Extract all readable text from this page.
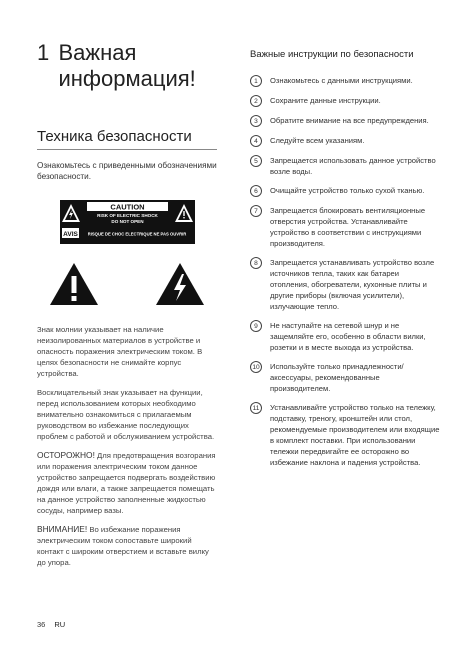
1 Важная информация!
Техника безопасности
Ознакомьтесь с приведенными обозначениями безопасности.
CAUTION
RISK OF ELECTRIC SHOCK
DO NOT OPEN
AVIS RISQUE DE CHOC ELECTRIQUE NE PAS OUVRIR

Знак молнии указывает на наличие неизолированных материалов в устройстве и опасность поражения электрическим током. В целях безопасности не снимайте корпус устройства.

Восклицательный знак указывает на функции, перед использованием которых необходимо внимательно ознакомиться с прилагаемым руководством во избежание последующих проблем с работой и обслуживанием устройства.

ОСТОРОЖНО! Для предотвращения возгорания или поражения электрическим током данное устройство запрещается подвергать воздействию дождя или влаги, а также запрещается помещать на данное устройство заполненные жидкостью сосуды, например вазы.

ВНИМАНИЕ! Во избежание поражения электрическим током сопоставьте широкий контакт с широким отверстием и вставьте вилку до упора.

Важные инструкции по безопасности
1	Ознакомьтесь с данными инструкциями.
2	Сохраните данные инструкции.
3	Обратите внимание на все предупреждения.
4	Следуйте всем указаниям.
5	Запрещается использовать данное устройство возле воды.
6	Очищайте устройство только сухой тканью.
7	Запрещается блокировать вентиляционные отверстия устройства. Устанавливайте устройство в соответствии с инструкциями производителя.
8	Запрещается устанавливать устройство возле источников тепла, таких как батареи отопления, обогреватели, кухонные плиты и другие приборы (включая усилители), излучающие тепло.
9	Не наступайте на сетевой шнур и не защемляйте его, особенно в области вилки, розетки и в месте выхода из устройства.
10	Используйте только принадлежности/аксессуары, рекомендованные производителем.
11	Устанавливайте устройство только на тележку, подставку, треногу, кронштейн или стол, рекомендуемые производителем или входящие в комплект поставки. При использовании тележки передвигайте ее осторожно во избежание наклона и падения устройства.
36 RU
